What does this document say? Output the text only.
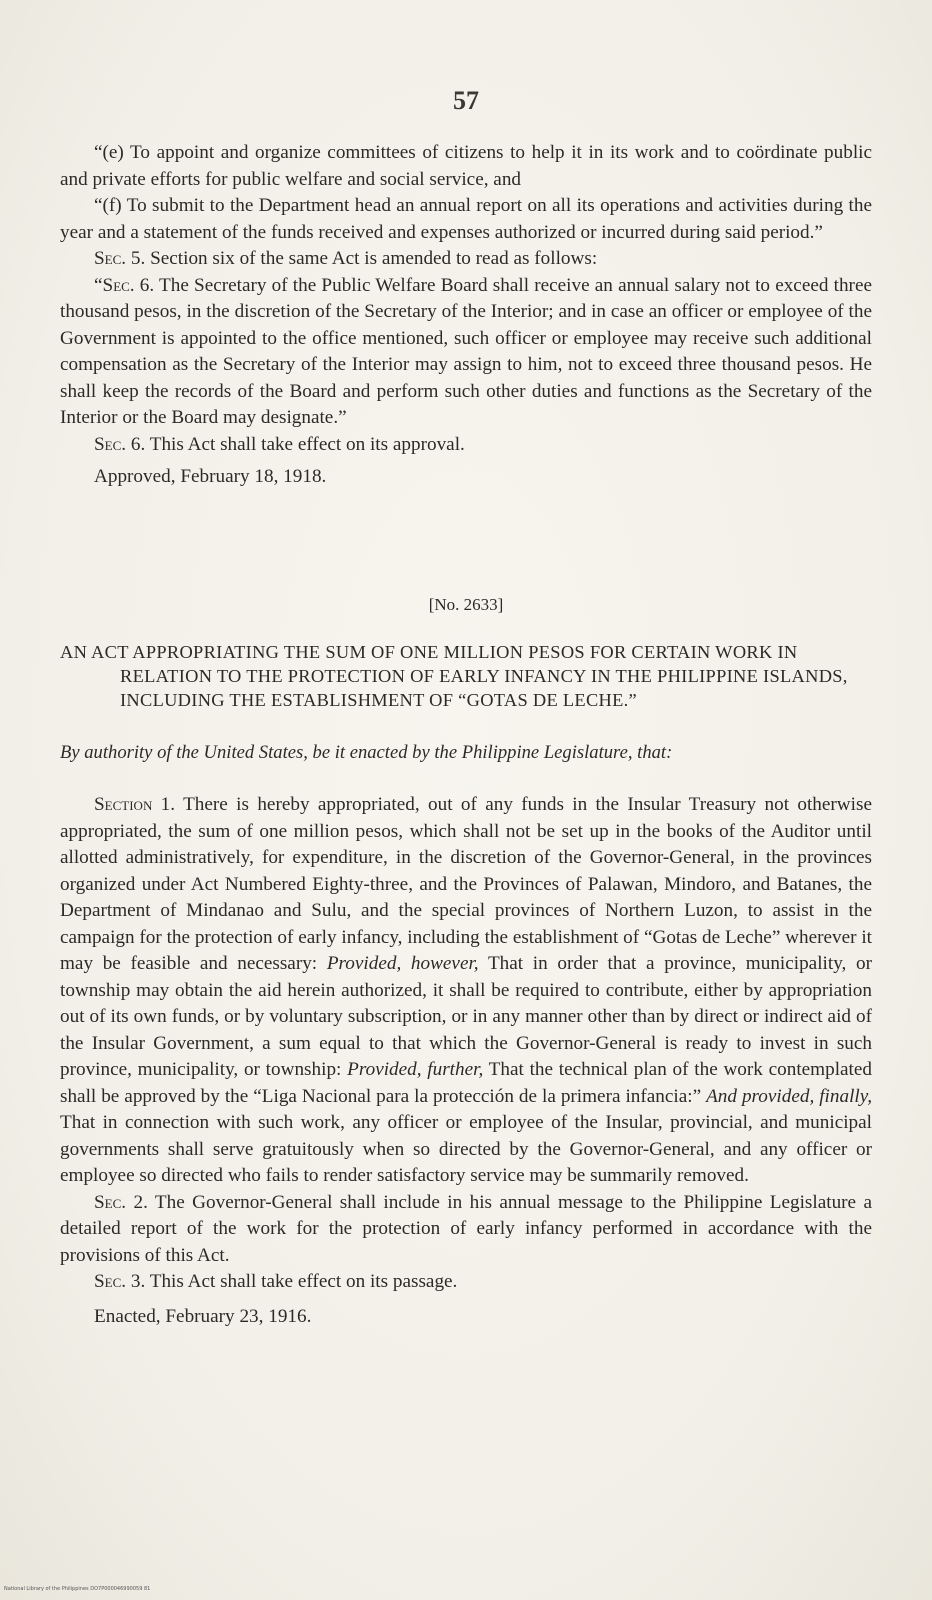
57

“(e) To appoint and organize committees of citizens to help it in its work and to coördinate public and private efforts for public welfare and social service, and

“(f) To submit to the Department head an annual report on all its operations and activities during the year and a statement of the funds received and expenses authorized or incurred during said period.”

Sec. 5. Section six of the same Act is amended to read as follows:

“Sec. 6. The Secretary of the Public Welfare Board shall receive an annual salary not to exceed three thousand pesos, in the discretion of the Secretary of the Interior; and in case an officer or employee of the Government is appointed to the office mentioned, such officer or employee may receive such additional compensation as the Secretary of the Interior may assign to him, not to exceed three thousand pesos. He shall keep the records of the Board and perform such other duties and functions as the Secretary of the Interior or the Board may designate.”

Sec. 6. This Act shall take effect on its approval.

Approved, February 18, 1918.

[No. 2633]

AN ACT APPROPRIATING THE SUM OF ONE MILLION PESOS FOR CERTAIN WORK IN RELATION TO THE PROTECTION OF EARLY INFANCY IN THE PHILIPPINE ISLANDS, INCLUDING THE ESTABLISHMENT OF “GOTAS DE LECHE.”

By authority of the United States, be it enacted by the Philippine Legislature, that:

Section 1. There is hereby appropriated, out of any funds in the Insular Treasury not otherwise appropriated, the sum of one million pesos, which shall not be set up in the books of the Auditor until allotted administratively, for expenditure, in the discretion of the Governor-General, in the provinces organized under Act Numbered Eighty-three, and the Provinces of Palawan, Mindoro, and Batanes, the Department of Mindanao and Sulu, and the special provinces of Northern Luzon, to assist in the campaign for the protection of early infancy, including the establishment of “Gotas de Leche” wherever it may be feasible and necessary: Provided, however, That in order that a province, municipality, or township may obtain the aid herein authorized, it shall be required to contribute, either by appropriation out of its own funds, or by voluntary subscription, or in any manner other than by direct or indirect aid of the Insular Government, a sum equal to that which the Governor-General is ready to invest in such province, municipality, or township: Provided, further, That the technical plan of the work contemplated shall be approved by the “Liga Nacional para la protección de la primera infancia:” And provided, finally, That in connection with such work, any officer or employee of the Insular, provincial, and municipal governments shall serve gratuitously when so directed by the Governor-General, and any officer or employee so directed who fails to render satisfactory service may be summarily removed.

Sec. 2. The Governor-General shall include in his annual message to the Philippine Legislature a detailed report of the work for the protection of early infancy performed in accordance with the provisions of this Act.

Sec. 3. This Act shall take effect on its passage.

Enacted, February 23, 1916.

National Library of the Philippines DO7P000046990059 81
